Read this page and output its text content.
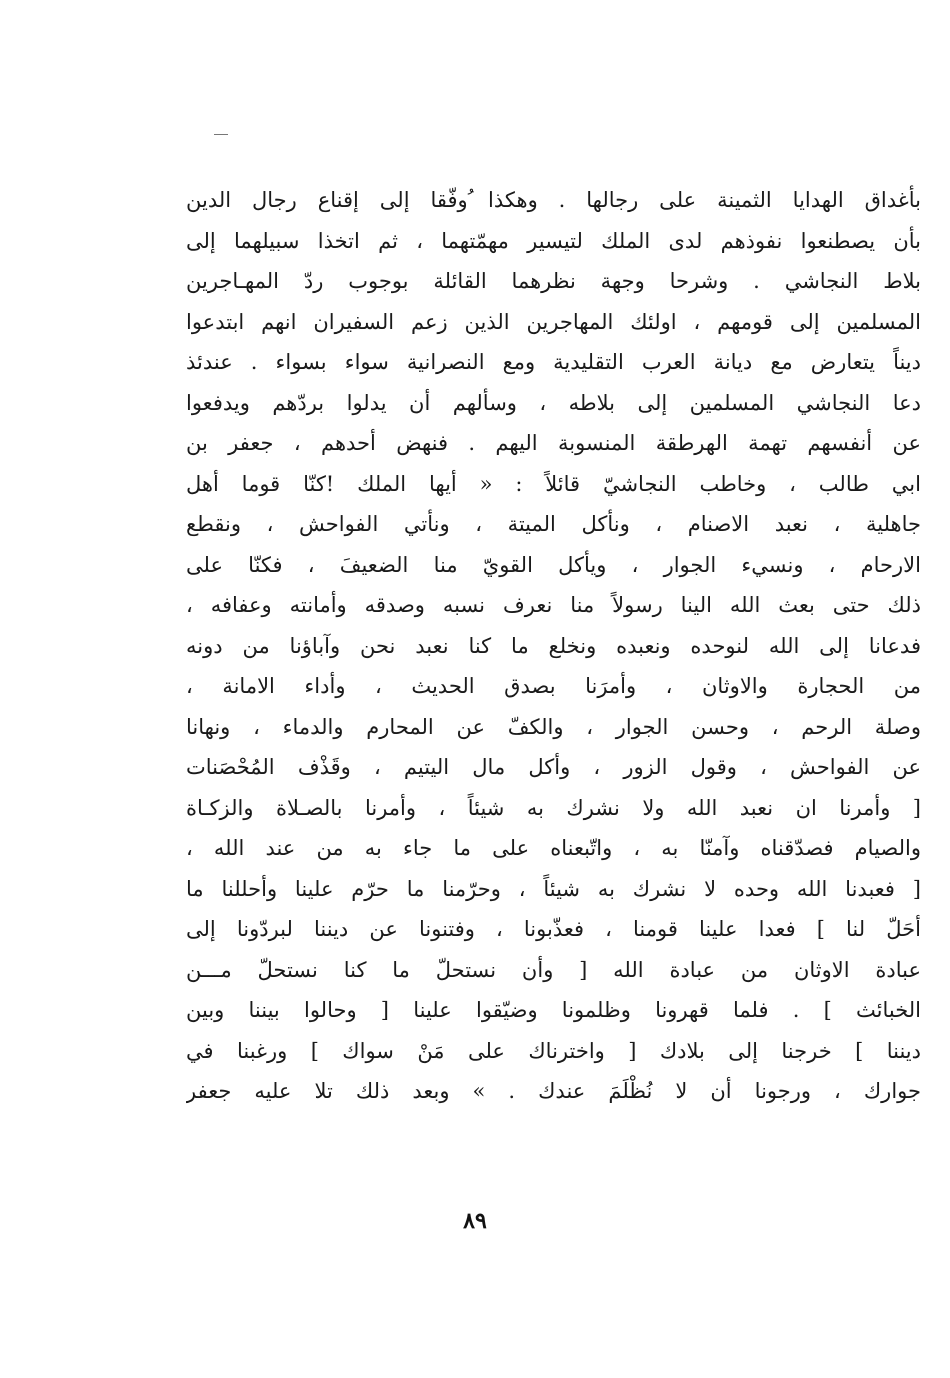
بأغداق الهدايا الثمينة على رجالها . وهكذا ُوفّقا إلى إقناع رجال الدين
بأن يصطنعوا نفوذهم لدى الملك لتيسير مهمّتهما ، ثم اتخذا سبيلهما إلى
بلاط النجاشي . وشرحا وجهة نظرهما القائلة بوجوب ردّ المهـاجرين
المسلمين إلى قومهم ، اولئك المهاجرين الذين زعم السفيران انهم ابتدعوا
ديناً يتعارض مع ديانة العرب التقليدية ومع النصرانية سواء بسواء . عندئذ
دعا النجاشي المسلمين إلى بلاطه ، وسألهم أن يدلوا بردّهم ويدفعوا
عن أنفسهم تهمة الهرطقة المنسوبة اليهم . فنهض أحدهم ، جعفر بن
ابي طالب ، وخاطب النجاشيّ قائلاً : « أيها الملك !كنّا قوما أهل
جاهلية ، نعبد الاصنام ، ونأكل الميتة ، ونأتي الفواحش ، ونقطع
الارحام ، ونسيء الجوار ، ويأكل القويّ منا الضعيفَ ، فكنّا على
ذلك حتى بعث الله الينا رسولاً منا نعرف نسبه وصدقه وأمانته وعفافه ،
فدعانا إلى الله لنوحده ونعبده ونخلع ما كنا نعبد نحن وآباؤنا من دونه
من الحجارة والاوثان ، وأمرَنا بصدق الحديث ، وأداء الامانة ،
وصلة الرحم ، وحسن الجوار ، والكفّ عن المحارم والدماء ، ونهانا
عن الفواحش ، وقول الزور ، وأكل مال اليتيم ، وقَذْف المُحْصَنات
[ وأمرنا ان نعبد الله ولا نشرك به شيئاً ، وأمرنا بالصـلاة والزكـاة
والصيام فصدّقناه وآمنّا به ، واتّبعناه على ما جاء به من عند الله ،
[ فعبدنا الله وحده لا نشرك به شيئاً ، وحرّمنا ما حرّم علينا وأحللنا ما
أحَلّ لنا ] فعدا علينا قومنا ، فعذّبونا ، وفتنونا عن ديننا لبردّونا إلى
عبادة الاوثان من عبادة الله [ وأن نستحلّ ما كنا نستحلّ مـــن
الخبائث ] . فلما قهرونا وظلمونا وضيّقوا علينا [ وحالوا بيننا وبين
ديننا ] خرجنا إلى بلادك [ واخترناك على مَنْ سواك ] ورغبنا في
جوارك ، ورجونا أن لا نُظْلَمَ عندك . » وبعد ذلك تلا عليه جعفر
٨٩
